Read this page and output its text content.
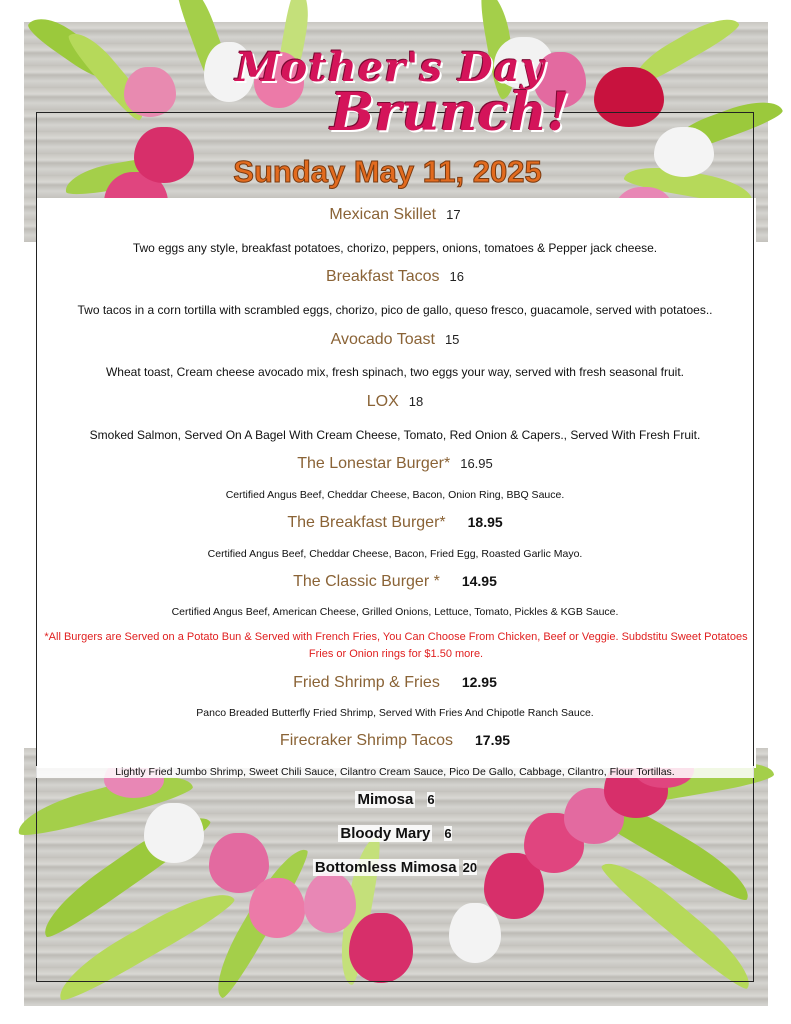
Mother's Day
Brunch!
Sunday May 11, 2025
Mexican Skillet 17
Two eggs any style, breakfast potatoes, chorizo, peppers, onions, tomatoes & Pepper jack cheese.
Breakfast Tacos 16
Two tacos in a corn tortilla with scrambled eggs, chorizo, pico de gallo, queso fresco, guacamole, served with potatoes..
Avocado Toast 15
Wheat toast, Cream cheese avocado mix, fresh spinach, two eggs your way, served with fresh seasonal fruit.
LOX 18
Smoked Salmon, Served On A Bagel With Cream Cheese, Tomato, Red Onion & Capers., Served With Fresh Fruit.
The Lonestar Burger* 16.95
Certified Angus Beef, Cheddar Cheese, Bacon, Onion Ring, BBQ Sauce.
The Breakfast Burger* 18.95
Certified Angus Beef, Cheddar Cheese, Bacon, Fried Egg, Roasted Garlic Mayo.
The Classic Burger * 14.95
Certified Angus Beef, American Cheese, Grilled Onions, Lettuce, Tomato, Pickles & KGB Sauce.
*All Burgers are Served on a Potato Bun & Served with French Fries, You Can Choose From Chicken, Beef or Veggie. Subdstitu Sweet Potatoes
Fries or Onion rings for $1.50 more.
Fried Shrimp & Fries 12.95
Panco Breaded Butterfly Fried Shrimp, Served With Fries And Chipotle Ranch Sauce.
Firecraker Shrimp Tacos 17.95
Lightly Fried Jumbo Shrimp, Sweet Chili Sauce, Cilantro Cream Sauce, Pico De Gallo, Cabbage, Cilantro, Flour Tortillas.
Mimosa 6
Bloody Mary 6
Bottomless Mimosa 20
